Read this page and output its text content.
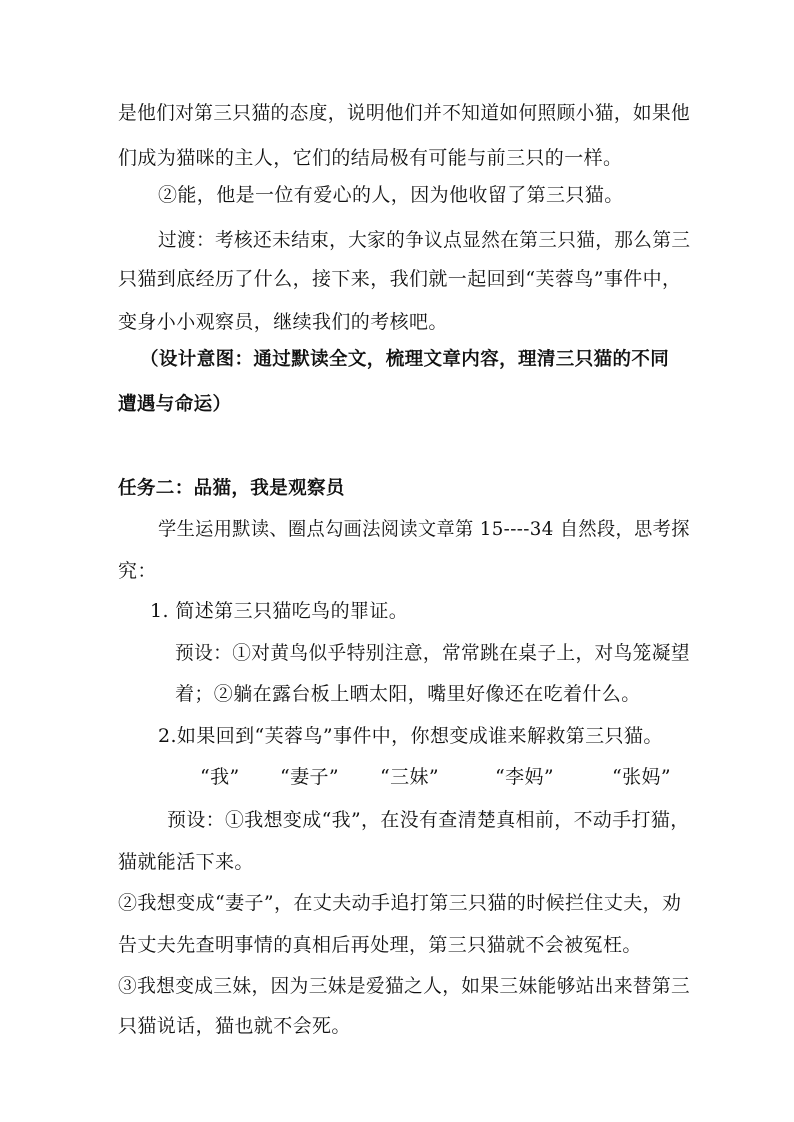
是他们对第三只猫的态度，说明他们并不知道如何照顾小猫，如果他
们成为猫咪的主人，它们的结局极有可能与前三只的一样。
②能，他是一位有爱心的人，因为他收留了第三只猫。
过渡：考核还未结束，大家的争议点显然在第三只猫，那么第三
只猫到底经历了什么，接下来，我们就一起回到“芙蓉鸟”事件中，
变身小小观察员，继续我们的考核吧。
（设计意图：通过默读全文，梳理文章内容，理清三只猫的不同
遭遇与命运）
任务二：品猫，我是观察员
学生运用默读、圈点勾画法阅读文章第 15----34 自然段，思考探
究：
1. 简述第三只猫吃鸟的罪证。
预设：①对黄鸟似乎特别注意，常常跳在桌子上，对鸟笼凝望
着；②躺在露台板上晒太阳，嘴里好像还在吃着什么。
2.如果回到“芙蓉鸟”事件中，你想变成谁来解救第三只猫。
“我” “妻子” “三妹”	“李妈”	“张妈”
预设：①我想变成“我”，在没有查清楚真相前，不动手打猫，
猫就能活下来。
②我想变成“妻子”，在丈夫动手追打第三只猫的时候拦住丈夫，劝
告丈夫先查明事情的真相后再处理，第三只猫就不会被冤枉。
③我想变成三妹，因为三妹是爱猫之人，如果三妹能够站出来替第三
只猫说话，猫也就不会死。
